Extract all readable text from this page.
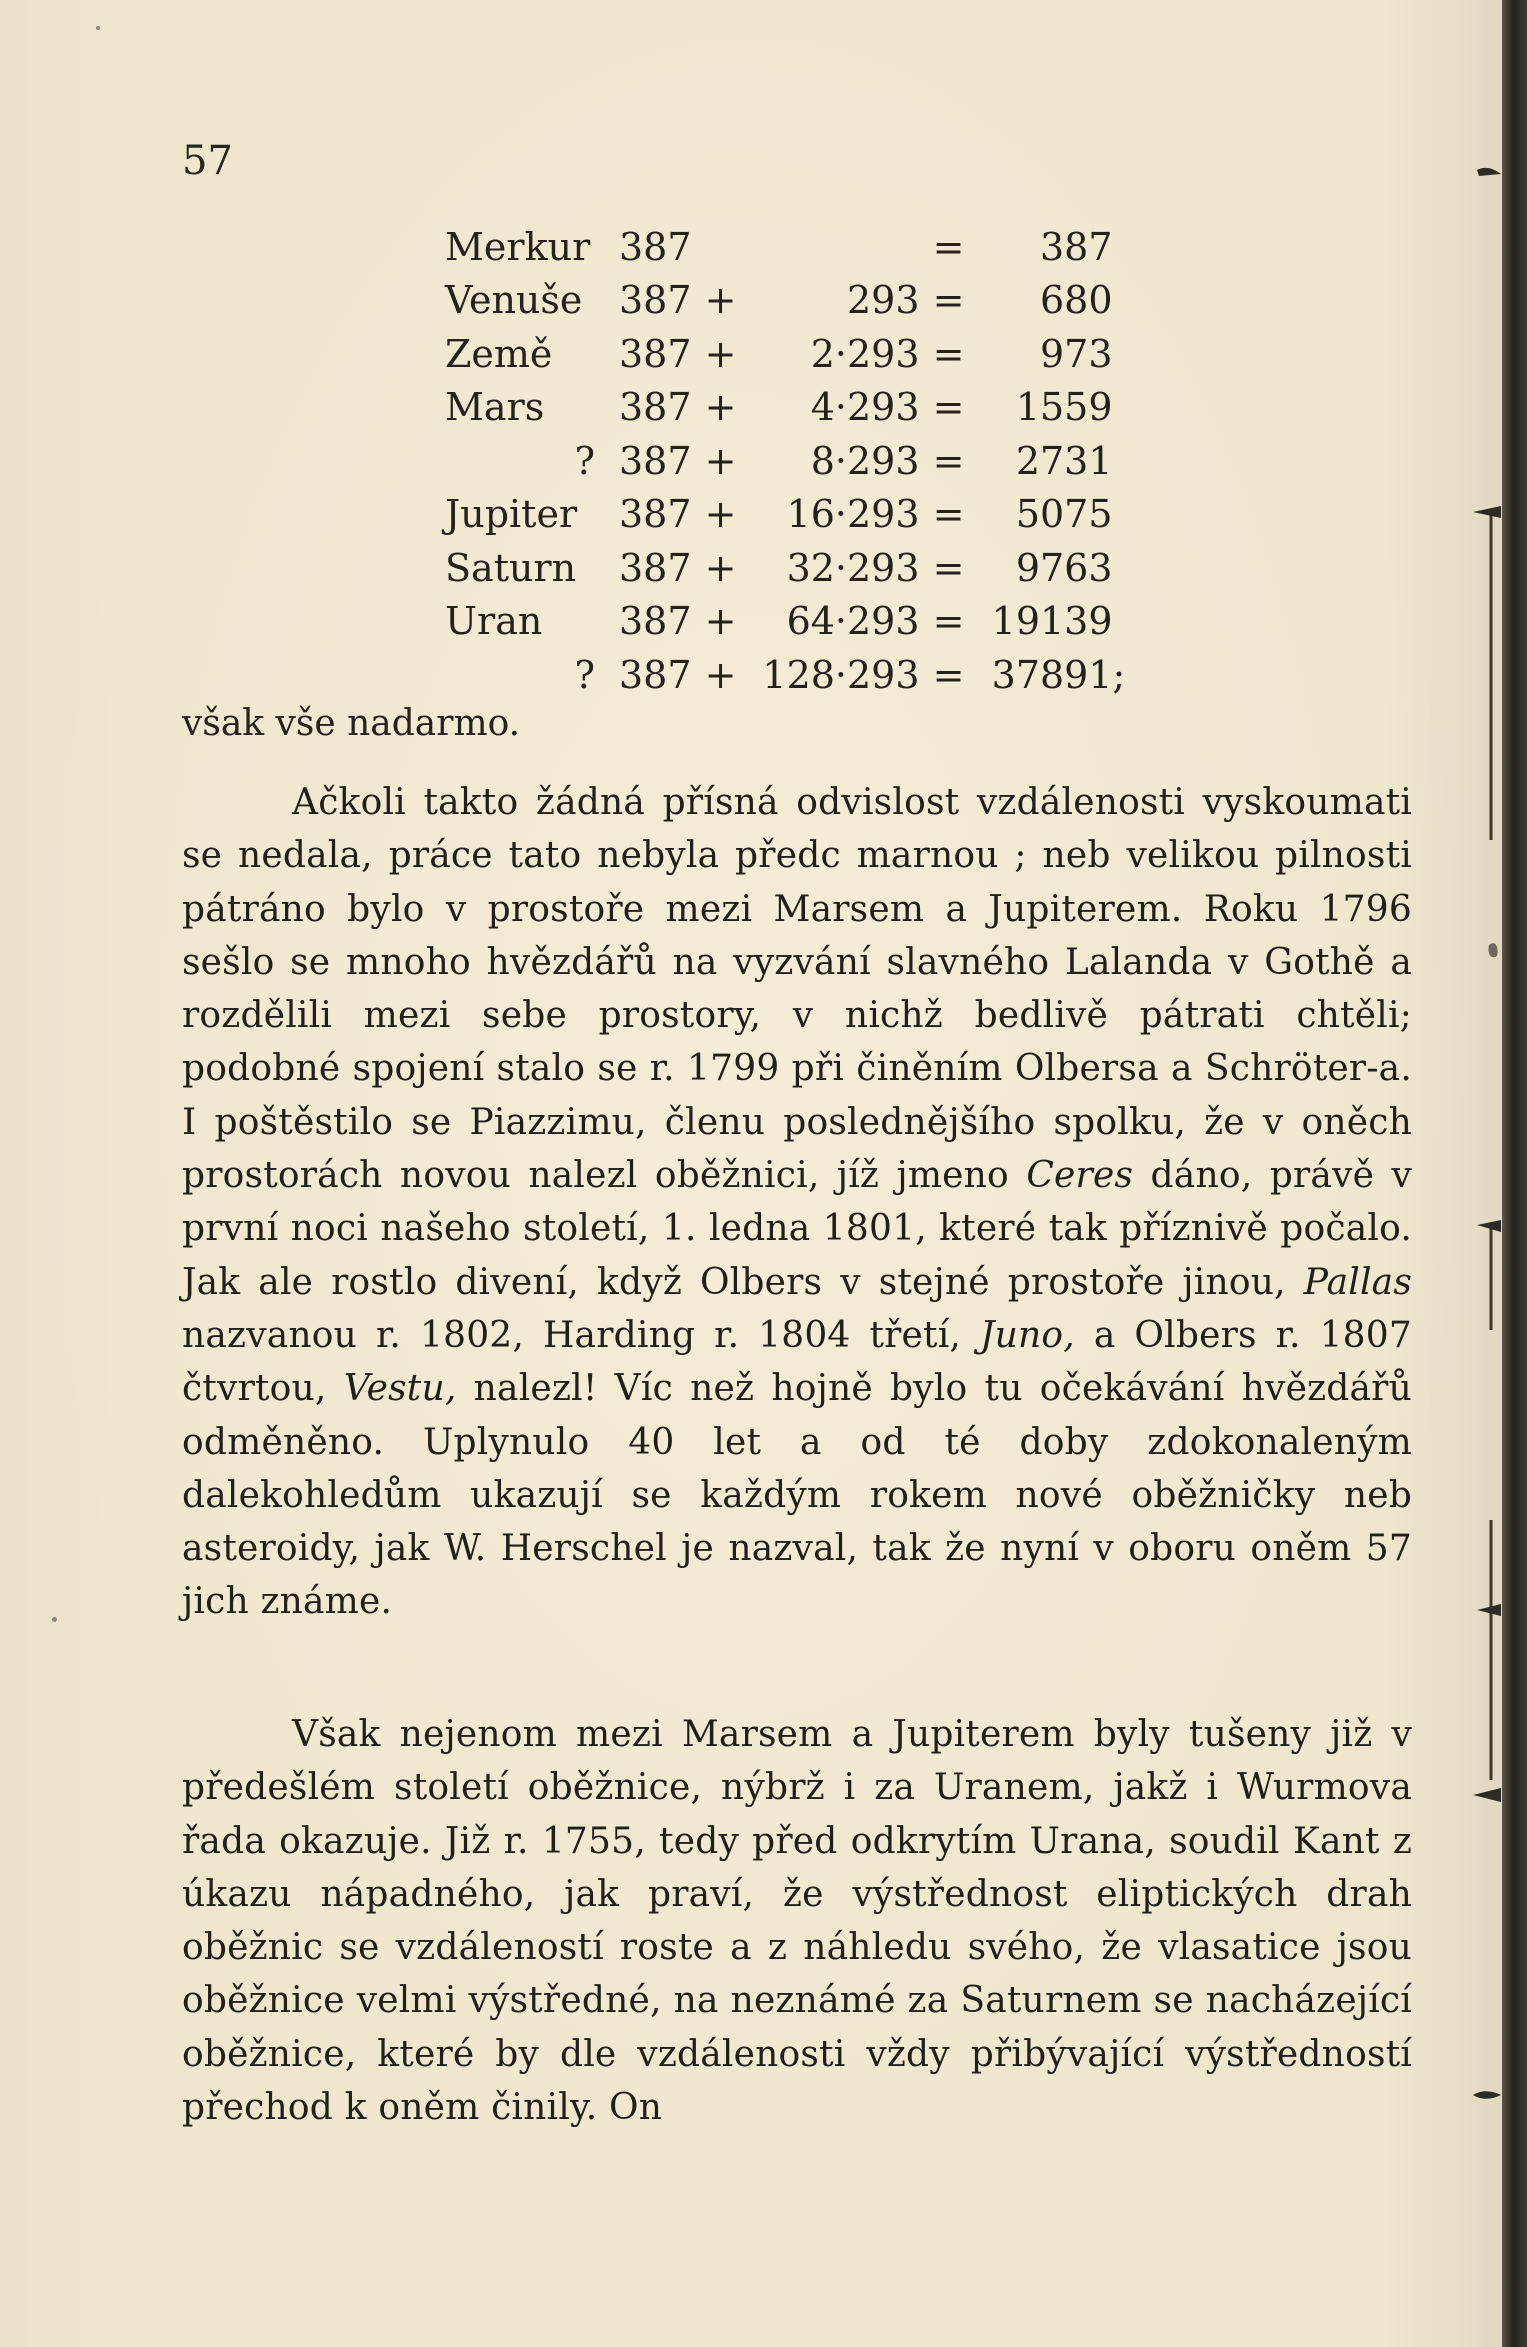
57
Merkur	387			=	387	
Venuše	387	+	293	=	680	
Země	387	+	2·293	=	973	
Mars	387	+	4·293	=	1559	
?	387	+	8·293	=	2731	
Jupiter	387	+	16·293	=	5075	
Saturn	387	+	32·293	=	9763	
Uran	387	+	64·293	=	19139	
?	387	+	128·293	=	37891	;
však vše nadarmo.

Ačkoli takto žádná přísná odvislost vzdálenosti vyskoumati se nedala, práce tato nebyla předc marnou ; neb velikou pilnosti pátráno bylo v prostoře mezi Marsem a Jupiterem. Roku 1796 sešlo se mnoho hvězdářů na vyzvání slavného Lalanda v Gothě a rozdělili mezi sebe prostory, v nichž bedlivě pátrati chtěli; podobné spojení stalo se r. 1799 při činěním Olbersa a Schröter-a. I poštěstilo se Piazzimu, členu poslednějšího spolku, že v oněch prostorách novou nalezl oběžnici, jíž jmeno Ceres dáno, právě v první noci našeho století, 1. ledna 1801, které tak příznivě počalo. Jak ale rostlo divení, když Olbers v stejné prostoře jinou, Pallas nazvanou r. 1802, Harding r. 1804 třetí, Juno, a Olbers r. 1807 čtvrtou, Vestu, nalezl! Víc než hojně bylo tu očekávání hvězdářů odměněno. Uplynulo 40 let a od té doby zdokonaleným dalekohledům ukazují se každým rokem nové oběžničky neb asteroidy, jak W. Herschel je nazval, tak že nyní v oboru oněm 57 jich známe.

Však nejenom mezi Marsem a Jupiterem byly tušeny již v předešlém století oběžnice, nýbrž i za Uranem, jakž i Wurmova řada okazuje. Již r. 1755, tedy před odkrytím Urana, soudil Kant z úkazu nápadného, jak praví, že výstřednost eliptických drah oběžnic se vzdáleností roste a z náhledu svého, že vlasatice jsou oběžnice velmi výstředné, na neznámé za Saturnem se nacházející oběžnice, které by dle vzdálenosti vždy přibývající výstředností přechod k oněm činily. On
